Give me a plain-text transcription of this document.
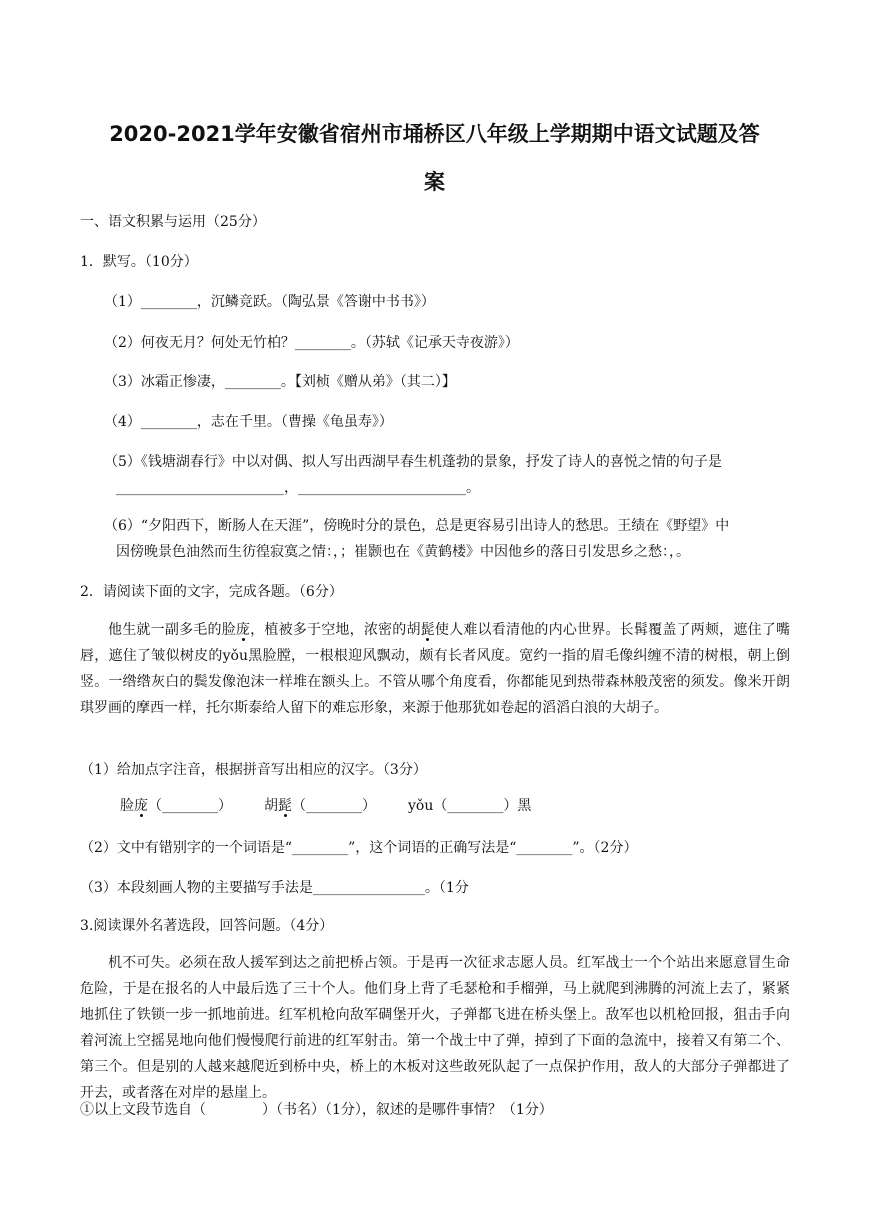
2020-2021学年安徽省宿州市埇桥区八年级上学期期中语文试题及答
案
一、语文积累与运用（25分）
1．默写。（10分）
（1）________，沉鳞竞跃。（陶弘景《答谢中书书》）
（2）何夜无月？何处无竹柏？________。（苏轼《记承天寺夜游》）
（3）冰霜正惨凄，________。【刘桢《赠从弟》（其二）】
（4）________，志在千里。（曹操《龟虽寿》）
（5）《钱塘湖春行》中以对偶、拟人写出西湖早春生机蓬勃的景象，抒发了诗人的喜悦之情的句子是
________________________，________________________。
（6）“夕阳西下，断肠人在天涯”，傍晚时分的景色，总是更容易引出诗人的愁思。王绩在《野望》中
因傍晚景色油然而生彷徨寂寞之情：，；崔颢也在《黄鹤楼》中因他乡的落日引发思乡之愁：，。
2．请阅读下面的文字，完成各题。（6分）
他生就一副多毛的脸庞，植被多于空地，浓密的胡髭使人难以看清他的内心世界。长髯覆盖了两颊，遮住了嘴唇，遮住了皱似树皮的yǒu黑脸膛，一根根迎风飘动，颇有长者风度。宽约一指的眉毛像纠缠不清的树根，朝上倒竖。一绺绺灰白的鬓发像泡沫一样堆在额头上。不管从哪个角度看，你都能见到热带森林般茂密的须发。像米开朗琪罗画的摩西一样，托尔斯泰给人留下的难忘形象，来源于他那犹如卷起的滔滔白浪的大胡子。
（1）给加点字注音，根据拼音写出相应的汉字。（3分）
脸庞（________） 胡髭（________） yǒu（________）黑
（2）文中有错别字的一个词语是“________”，这个词语的正确写法是“________”。（2分）
（3）本段刻画人物的主要描写手法是________________。（1分
3.阅读课外名著选段，回答问题。（4分）
机不可失。必须在敌人援军到达之前把桥占领。于是再一次征求志愿人员。红军战士一个个站出来愿意冒生命危险，于是在报名的人中最后选了三十个人。他们身上背了毛瑟枪和手榴弹，马上就爬到沸腾的河流上去了，紧紧地抓住了铁锁一步一抓地前进。红军机枪向敌军碉堡开火，子弹都飞进在桥头堡上。敌军也以机枪回报，狙击手向着河流上空摇晃地向他们慢慢爬行前进的红军射击。第一个战士中了弹，掉到了下面的急流中，接着又有第二个、第三个。但是别的人越来越爬近到桥中央，桥上的木板对这些敢死队起了一点保护作用，敌人的大部分子弹都进了开去，或者落在对岸的悬崖上。
①以上文段节选自（　　　　）（书名）（1分），叙述的是哪件事情？（1分）
